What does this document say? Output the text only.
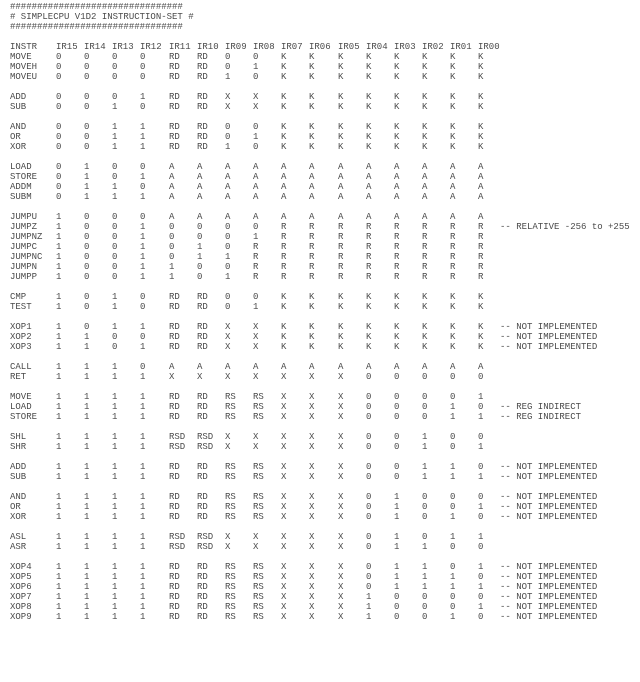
################################
# SIMPLECPU V1D2 INSTRUCTION-SET #
################################
INSTR IR15 IR14 IR13 IR12 IR11 IR10 IR09 IR08 IR07 IR06 IR05 IR04 IR03 IR02 IR01 IR00
MOVE	0	0	0	0	RD RD 0	0	K	K	K	K	K	K	K	K
MOVEH 0	0	0	0	RD RD 0	1	K	K	K	K	K	K	K	K
MOVEU 0	0	0	0	RD RD 1	0	K	K	K	K	K	K	K	K
ADD	0	0	0	1	RD RD X	X	K	K	K	K	K	K	K	K
SUB	0	0	1	0	RD RD X	X	K	K	K	K	K	K	K	K
AND	0	0	1	1	RD RD 0	0	K	K	K	K	K	K	K	K
OR	0	0	1	1	RD RD 0	1	K	K	K	K	K	K	K	K
XOR	0	0	1	1	RD RD 1	0	K	K	K	K	K	K	K	K
LOAD	0	1	0	0	A	A	A	A	A	A	A	A	A	A	A	A
STORE 0	1	0	1	A	A	A	A	A	A	A	A	A	A	A	A
ADDM	0	1	1	0	A	A	A	A	A	A	A	A	A	A	A	A
SUBM	0	1	1	1	A	A	A	A	A	A	A	A	A	A	A	A
JUMPU 1	0	0	0	A	A	A	A	A	A	A	A	A	A	A	A
JUMPZ 1	0	0	1	0	0	0	0	R	R	R	R	R	R	R	R -- RELATIVE -256 to +255
JUMPNZ 1	0	0	1	0	0	0	1	R	R	R	R	R	R	R	R
JUMPC 1	0	0	1	0	1	0	R	R	R	R	R	R	R	R	R
JUMPNC 1	0	0	1	0	1	1	R	R	R	R	R	R	R	R	R
JUMPN 1	0	0	1	1	0	0	R	R	R	R	R	R	R	R	R
JUMPP 1	0	0	1	1	0	1	R	R	R	R	R	R	R	R	R
CMP	1	0	1	0	RD RD 0	0	K	K	K	K	K	K	K	K
TEST	1	0	1	0	RD RD 0	1	K	K	K	K	K	K	K	K
XOP1	1	0	1	1	RD RD X	X	K	K	K	K	K	K	K	K -- NOT IMPLEMENTED
XOP2	1	1	0	0	RD RD X	X	K	K	K	K	K	K	K	K -- NOT IMPLEMENTED
XOP3	1	1	0	1	RD RD X	X	K	K	K	K	K	K	K	K -- NOT IMPLEMENTED
CALL	1	1	1	0	A	A	A	A	A	A	A	A	A	A	A	A
RET	1	1	1	1	X	X	X	X	X	X	X	0	0	0	0	0
MOVE	1	1	1	1	RD RD RS RS X	X	X	0	0	0	0	1
LOAD	1	1	1	1	RD RD RS RS X	X	X	0	0	0	1	0 -- REG INDIRECT
STORE 1	1	1	1	RD RD RS RS X	X	X	0	0	0	1	1 -- REG INDIRECT
SHL	1	1	1	1	RSD RSD X	X	X	X	X	0	0	1	0	0
SHR	1	1	1	1	RSD RSD X	X	X	X	X	0	0	1	0	1
ADD	1	1	1	1	RD RD RS RS X	X	X	0	0	1	1	0 -- NOT IMPLEMENTED
SUB	1	1	1	1	RD RD RS RS X	X	X	0	0	1	1	1 -- NOT IMPLEMENTED
AND	1	1	1	1	RD RD RS RS X	X	X	0	1	0	0	0 -- NOT IMPLEMENTED
OR	1	1	1	1	RD RD RS RS X	X	X	0	1	0	0	1 -- NOT IMPLEMENTED
XOR	1	1	1	1	RD RD RS RS X	X	X	0	1	0	1	0 -- NOT IMPLEMENTED
ASL	1	1	1	1	RSD RSD X	X	X	X	X	0	1	0	1	1
ASR	1	1	1	1	RSD RSD X	X	X	X	X	0	1	1	0	0
XOP4	1	1	1	1	RD RD RS RS X	X	X	0	1	1	0	1 -- NOT IMPLEMENTED
XOP5	1	1	1	1	RD RD RS RS X	X	X	0	1	1	1	0 -- NOT IMPLEMENTED
XOP6	1	1	1	1	RD RD RS RS X	X	X	0	1	1	1	1 -- NOT IMPLEMENTED
XOP7	1	1	1	1	RD RD RS RS X	X	X	1	0	0	0	0 -- NOT IMPLEMENTED
XOP8	1	1	1	1	RD RD RS RS X	X	X	1	0	0	0	1 -- NOT IMPLEMENTED
XOP9	1	1	1	1	RD RD RS RS X	X	X	1	0	0	1	0 -- NOT IMPLEMENTED
